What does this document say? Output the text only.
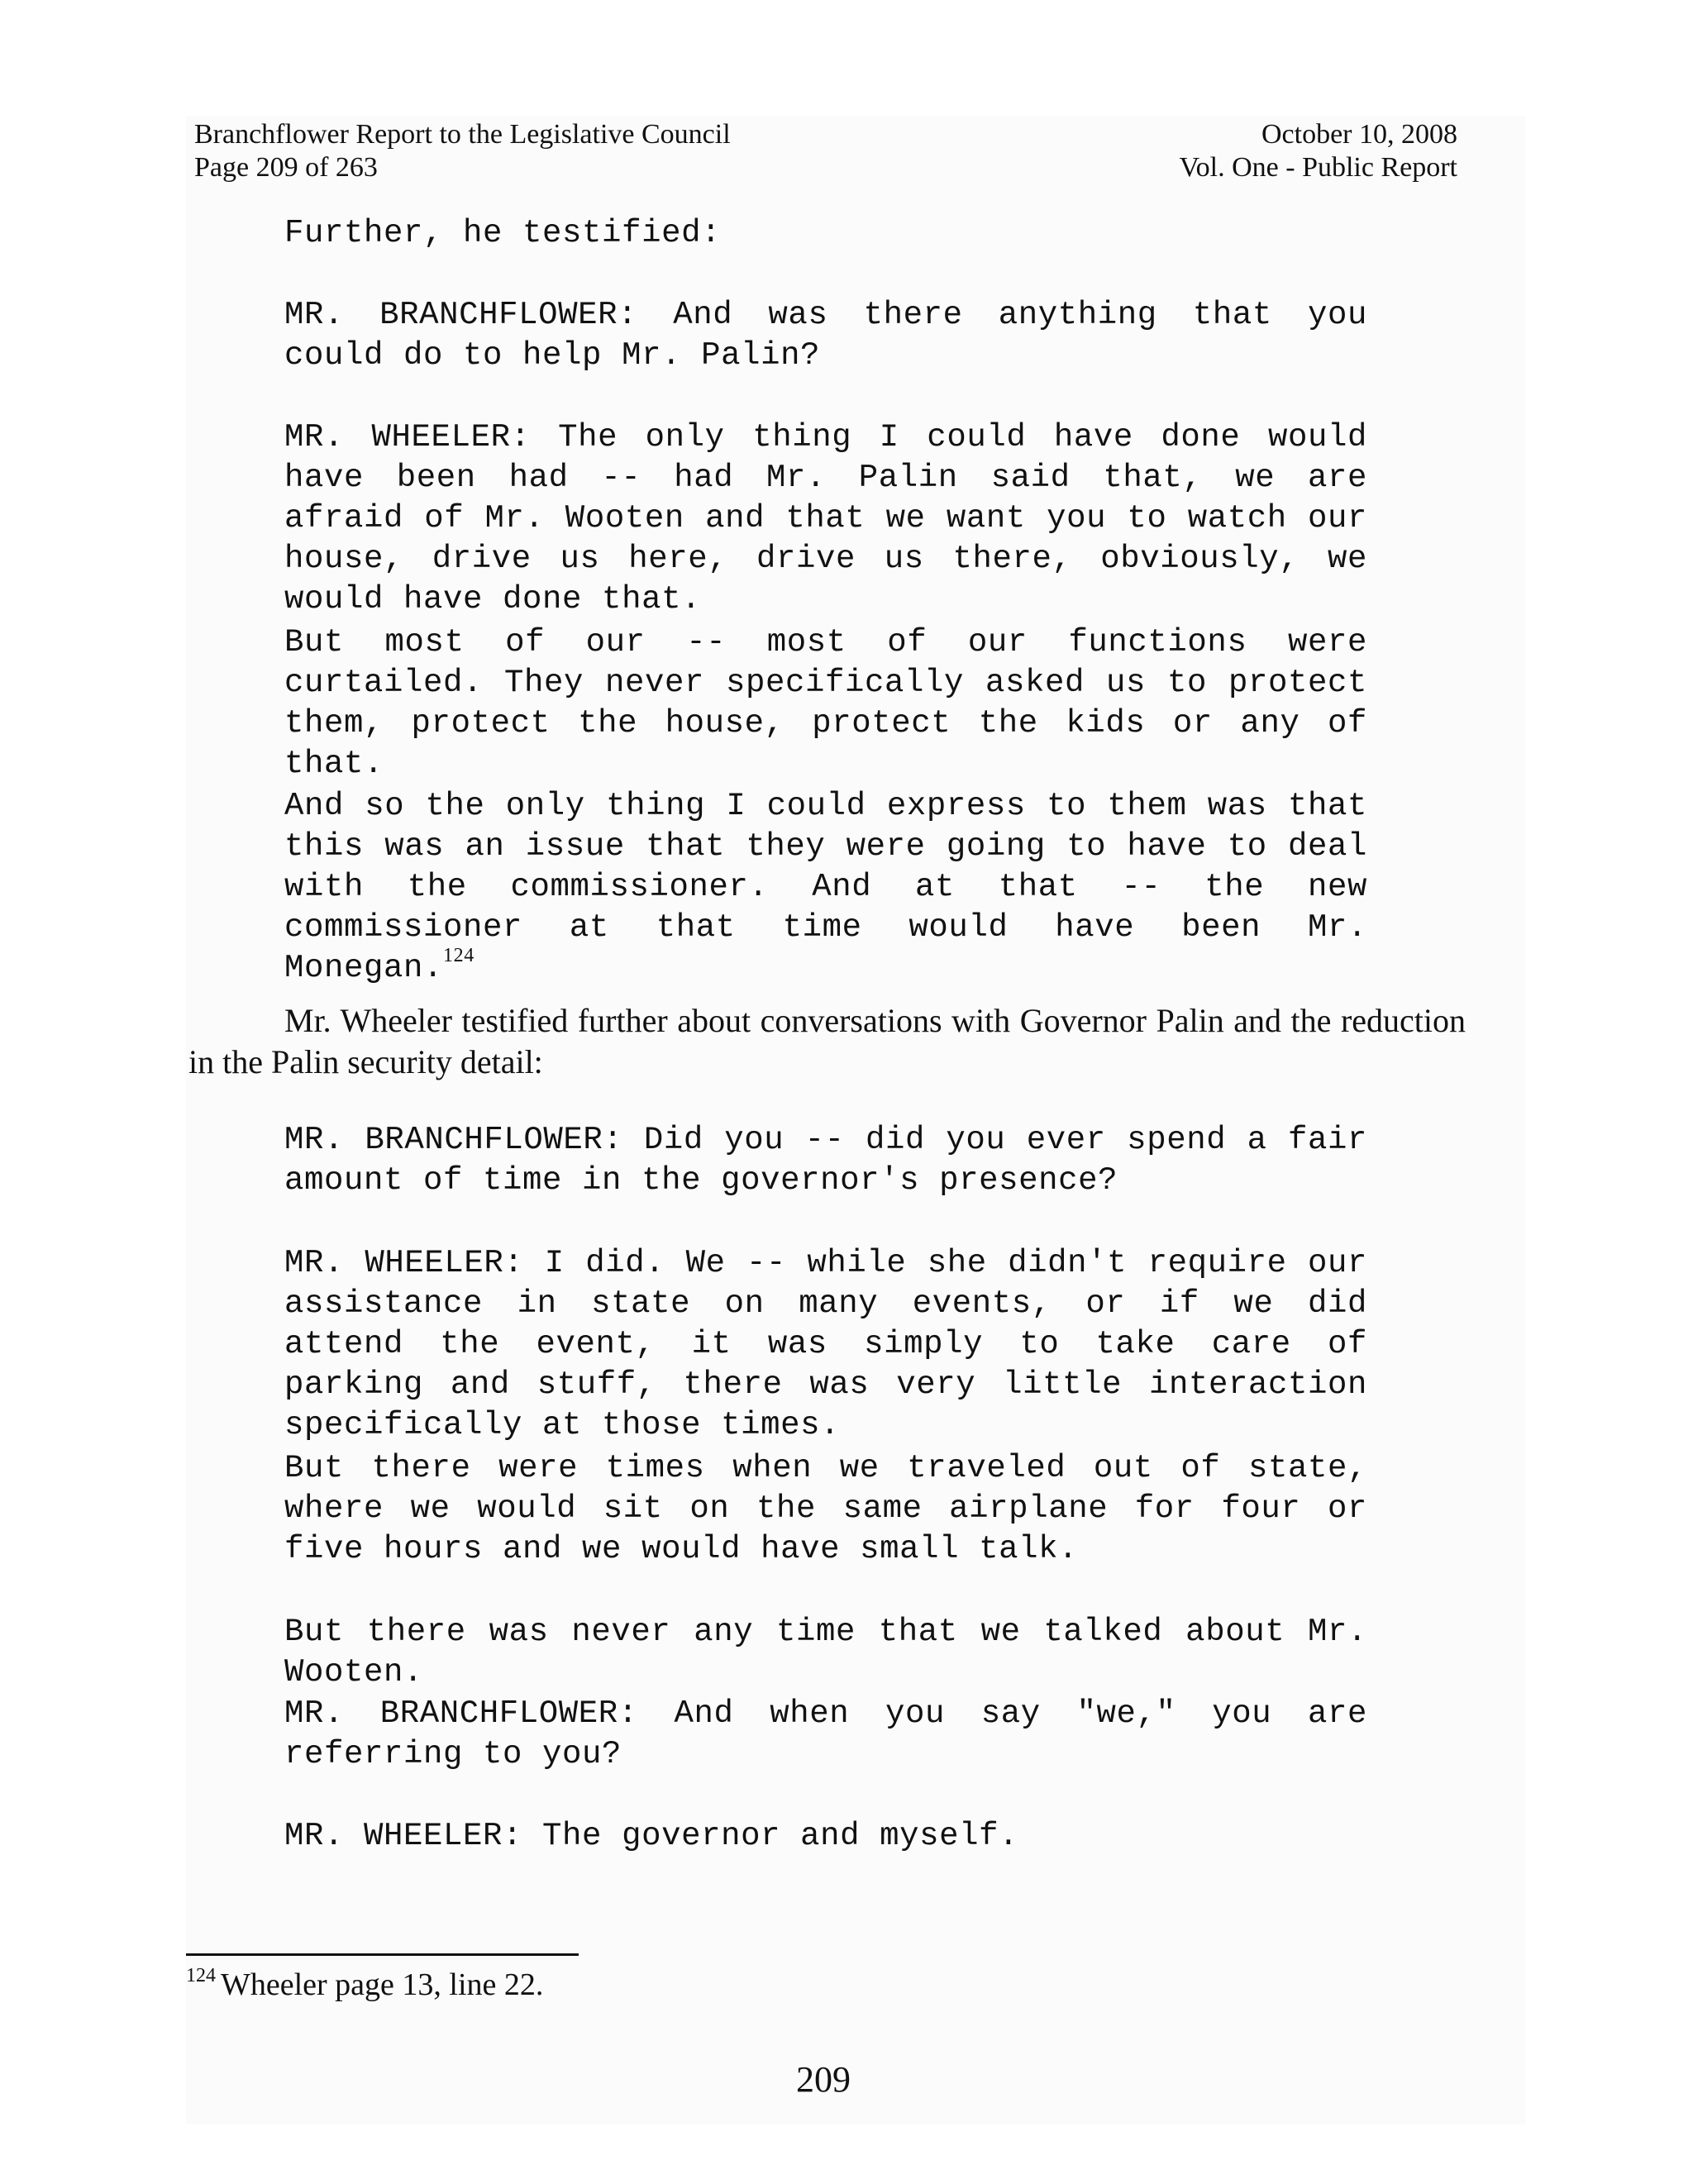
Branchflower Report to the Legislative Council
Page 209 of 263
October 10, 2008
Vol. One - Public Report
Further, he testified:
MR. BRANCHFLOWER: And was there anything that you could do to help Mr. Palin?
MR. WHEELER: The only thing I could have done would have been had -- had Mr. Palin said that, we are afraid of Mr. Wooten and that we want you to watch our house, drive us here, drive us there, obviously, we would have done that.
But most of our -- most of our functions were curtailed. They never specifically asked us to protect them, protect the house, protect the kids or any of that.
And so the only thing I could express to them was that this was an issue that they were going to have to deal with the commissioner. And at that -- the new commissioner at that time would have been Mr. Monegan.$^{124}$
Mr. Wheeler testified further about conversations with Governor Palin and the reduction in the Palin security detail:
MR. BRANCHFLOWER: Did you -- did you ever spend a fair amount of time in the governor's presence?
MR. WHEELER: I did. We -- while she didn't require our assistance in state on many events, or if we did attend the event, it was simply to take care of parking and stuff, there was very little interaction specifically at those times.
But there were times when we traveled out of state, where we would sit on the same airplane for four or five hours and we would have small talk.
But there was never any time that we talked about Mr. Wooten.
MR. BRANCHFLOWER: And when you say "we," you are referring to you?
MR. WHEELER: The governor and myself.
$^{124}$ Wheeler page 13, line 22.
209
